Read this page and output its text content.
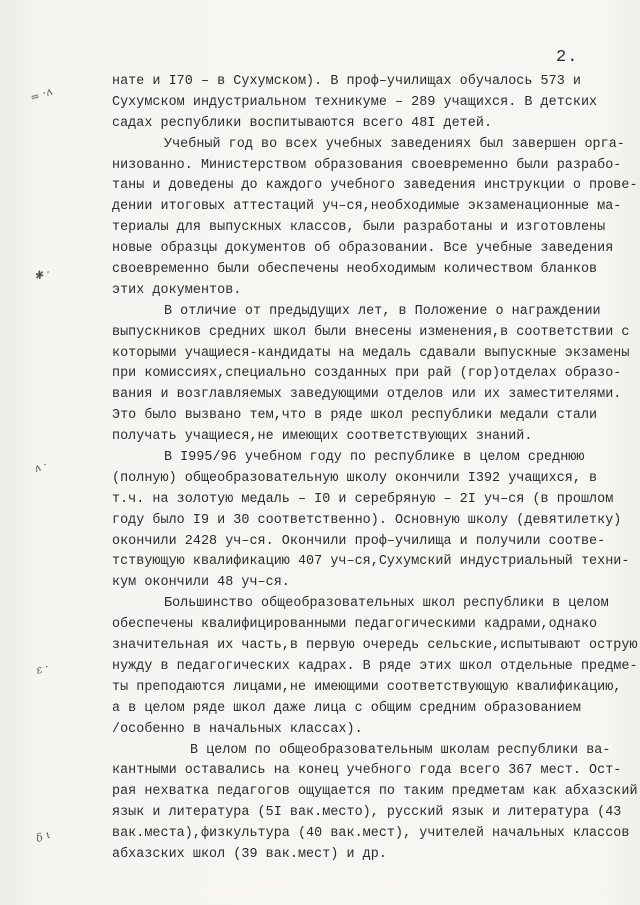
2.
≈ ·ʌ
✱ ·
ʌ ·
ε ·
δ ι
нате и I70 – в Сухумском). В проф–училищах обучалось 573 и
Сухумском индустриальном техникуме – 289 учащихся. В детских
садах республики воспитываются всего 48I детей.
Учебный год во всех учебных заведениях был завершен орга-
низованно. Министерством образования своевременно были разрабо-
таны и доведены до каждого учебного заведения инструкции о прове-
дении итоговых аттестаций уч–ся,необходимые экзаменационные ма-
териалы для выпускных классов, были разработаны и изготовлены
новые образцы документов об образовании. Все учебные заведения
своевременно были обеспечены необходимым количеством бланков
этих документов.
В отличие от предыдущих лет, в Положение о награждении
выпускников средних школ были внесены изменения,в соответствии с
которыми учащиеся-кандидаты на медаль сдавали выпускные экзамены
при комиссиях,специально созданных при рай (гор)отделах образо-
вания и возглавляемых заведующими отделов или их заместителями.
Это было вызвано тем,что в ряде школ республики медали стали
получать учащиеся,не имеющих соответствующих знаний.
В I995/96 учебном году по республике в целом среднюю
(полную) общеобразовательную школу окончили I392 учащихся, в
т.ч. на золотую медаль – I0 и серебряную – 2I уч–ся (в прошлом
году было I9 и 30 соответственно). Основную школу (девятилетку)
окончили 2428 уч–ся. Окончили проф–училища и получили соотве-
тствующую квалификацию 407 уч–ся,Сухумский индустриальный техни-
кум окончили 48 уч–ся.
Большинство общеобразовательных школ республики в целом
обеспечены квалифицированными педагогическими кадрами,однако
значительная их часть,в первую очередь сельские,испытывают острую
нужду в педагогических кадрах. В ряде этих школ отдельные предме-
ты преподаются лицами,не имеющими соответствующую квалификацию,
а в целом ряде школ даже лица с общим средним образованием
/особенно в начальных классах).
В целом по общеобразовательным школам республики ва-
кантными оставались на конец учебного года всего 367 мест. Ост-
рая нехватка педагогов ощущается по таким предметам как абхазский
язык и литература (5I вак.место), русский язык и литература (43
вак.места),физкультура (40 вак.мест), учителей начальных классов
абхазских школ (39 вак.мест) и др.
